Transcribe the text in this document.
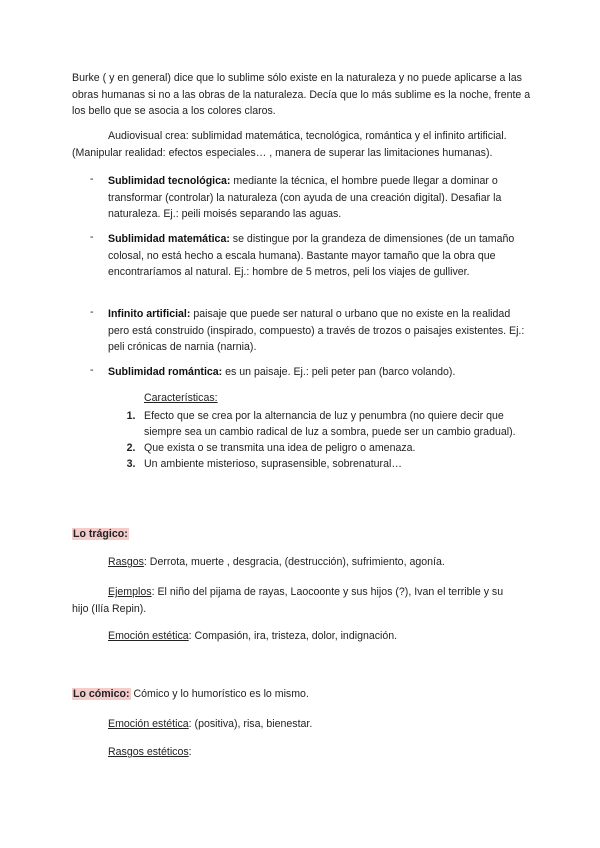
Burke ( y en general) dice que lo sublime sólo existe en la naturaleza y no puede aplicarse a las obras humanas si no a las obras de la naturaleza. Decía que lo más sublime es la noche, frente a los bello que se asocia a los colores claros.

Audiovisual crea: sublimidad matemática, tecnológica, romántica y el infinito artificial.

(Manipular realidad: efectos especiales… , manera de superar las limitaciones humanas).

-	Sublimidad tecnológica: mediante la técnica, el hombre puede llegar a dominar o transformar (controlar) la naturaleza (con ayuda de una creación digital). Desafiar la naturaleza. Ej.: peili moisés separando las aguas.
-	Sublimidad matemática: se distingue por la grandeza de dimensiones (de un tamaño colosal, no está hecho a escala humana). Bastante mayor tamaño que la obra que encontraríamos al natural. Ej.: hombre de 5 metros, peli los viajes de gulliver.
-	Infinito artificial: paisaje que puede ser natural o urbano que no existe en la realidad pero está construido (inspirado, compuesto) a través de trozos o paisajes existentes. Ej.: peli crónicas de narnia (narnia).
-	Sublimidad romántica: es un paisaje. Ej.: peli peter pan (barco volando).
Características:
1. Efecto que se crea por la alternancia de luz y penumbra (no quiere decir que siempre sea un cambio radical de luz a sombra, puede ser un cambio gradual).
2. Que exista o se transmita una idea de peligro o amenaza.
3. Un ambiente misterioso, suprasensible, sobrenatural…

Lo trágico:

Rasgos: Derrota, muerte , desgracia, (destrucción), sufrimiento, agonía.

Ejemplos: El niño del pijama de rayas, Laocoonte y sus hijos (?), Ivan el terrible y su

hijo (Ilía Repin).

Emoción estética: Compasión, ira, tristeza, dolor, indignación.

Lo cómico: Cómico y lo humorístico es lo mismo.

Emoción estética: (positiva), risa, bienestar.

Rasgos estéticos:
